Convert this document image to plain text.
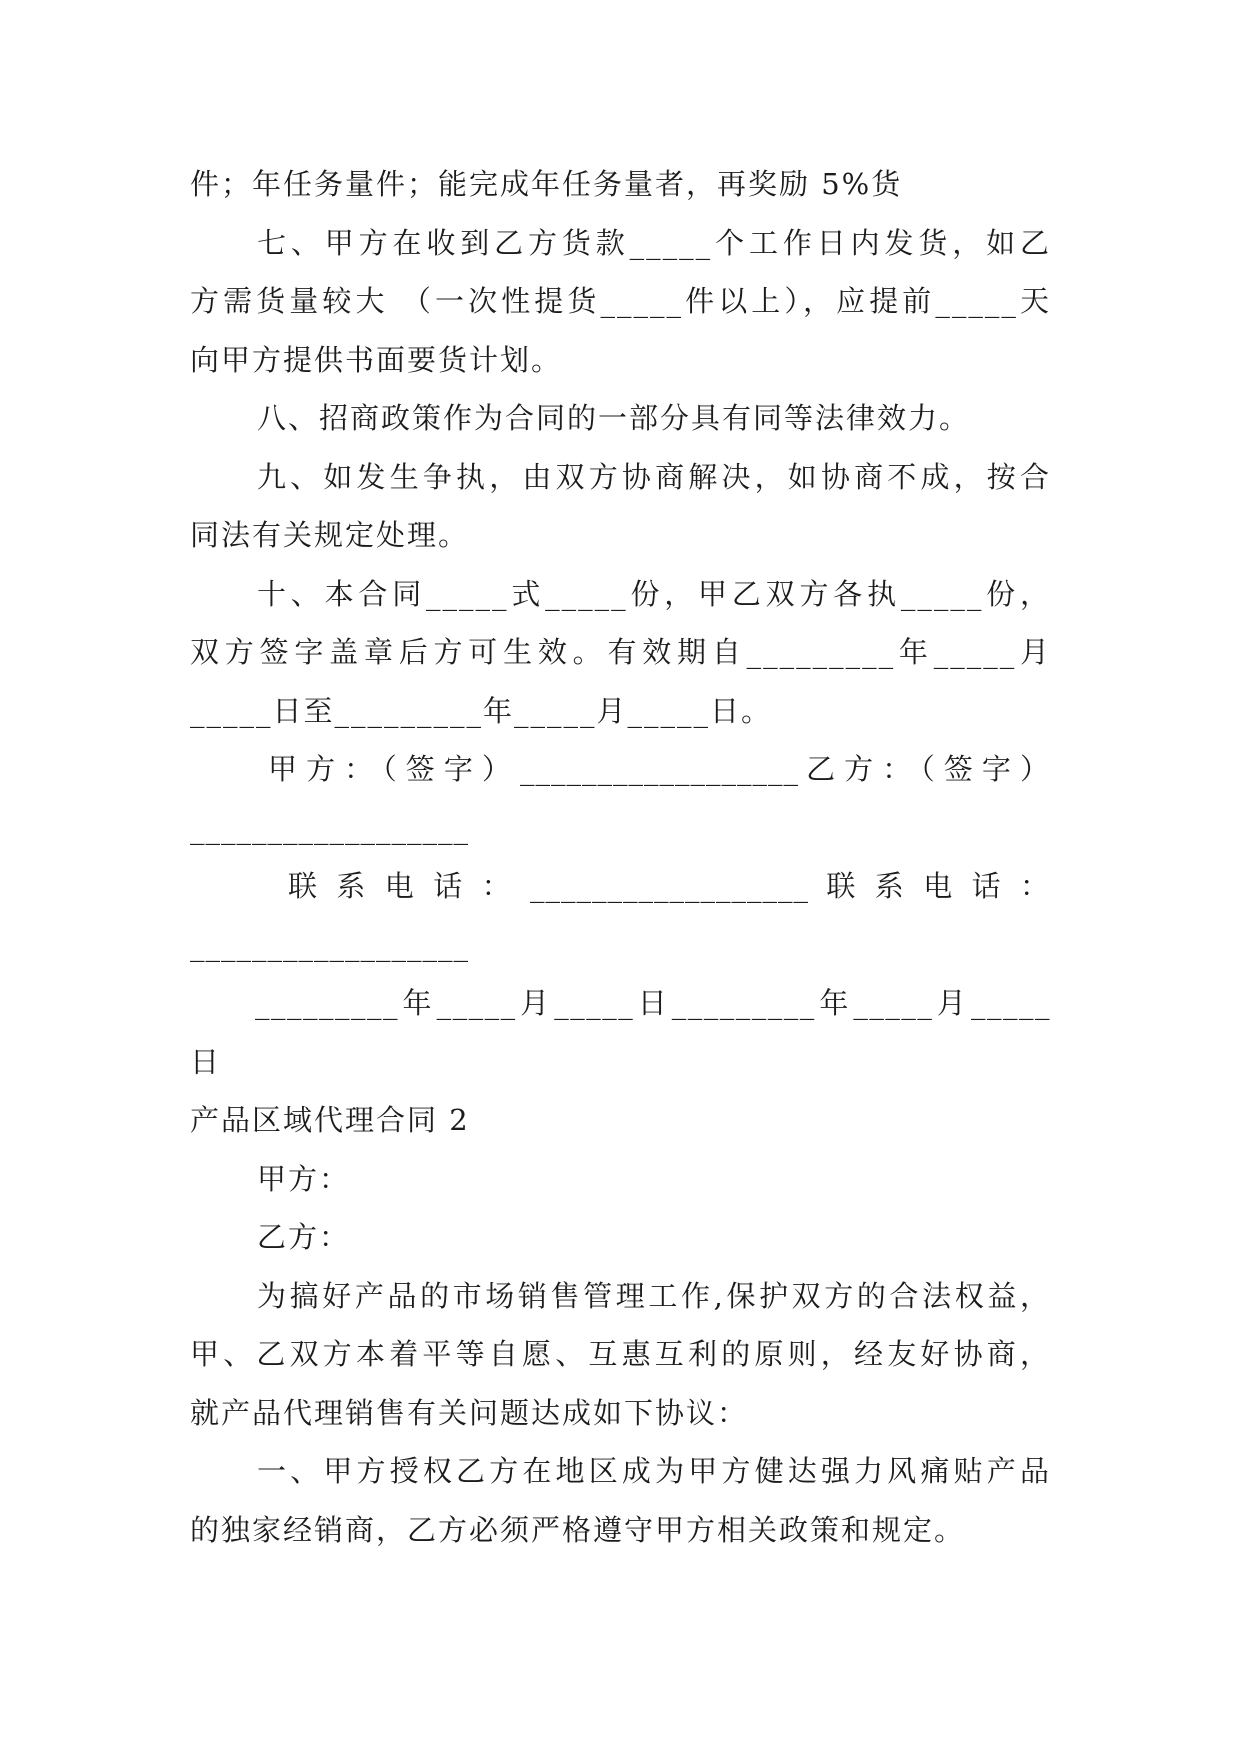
件；年任务量件；能完成年任务量者，再奖励 5%货
七、甲方在收到乙方货款_____个工作日内发货，如乙
方需货量较大 （一次性提货_____件以上），应提前_____天
向甲方提供书面要货计划。
八、招商政策作为合同的一部分具有同等法律效力。
九、如发生争执，由双方协商解决，如协商不成，按合
同法有关规定处理。
十、本合同_____式_____份，甲乙双方各执_____份，
双方签字盖章后方可生效。有效期自_________年_____月
_____日至_________年_____月_____日。
甲方：（签字）__________________乙方：（签字）
__________________
联系电话：__________________联系电话：
__________________
_________年_____月_____日_________年_____月_____
日
产品区域代理合同 2
甲方：
乙方：
为搞好产品的市场销售管理工作,保护双方的合法权益，
甲、乙双方本着平等自愿、互惠互利的原则，经友好协商，
就产品代理销售有关问题达成如下协议：
一、甲方授权乙方在地区成为甲方健达强力风痛贴产品
的独家经销商，乙方必须严格遵守甲方相关政策和规定。
